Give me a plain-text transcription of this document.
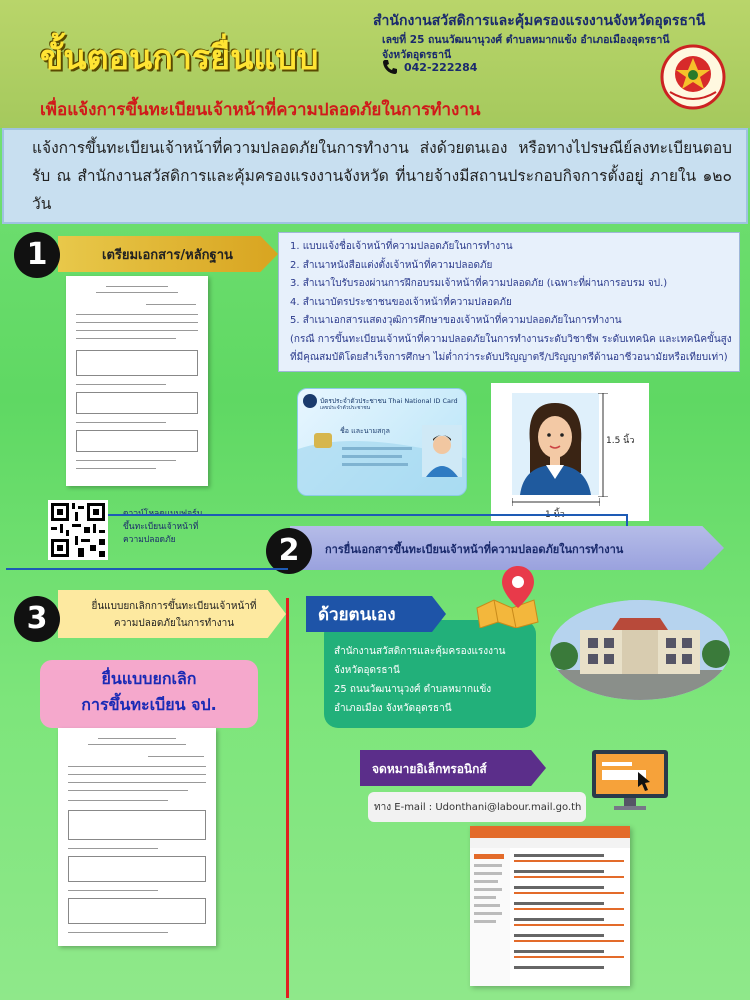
ขั้นตอนการยื่นแบบ
เพื่อแจ้งการขึ้นทะเบียนเจ้าหน้าที่ความปลอดภัยในการทำงาน
สำนักงานสวัสดิการและคุ้มครองแรงงานจังหวัดอุดรธานี
เลขที่ 25 ถนนวัฒนานุวงศ์ ตำบลหมากแข้ง อำเภอเมืองอุดรธานี
จังหวัดอุดรธานี
042-222284
แจ้งการขึ้นทะเบียนเจ้าหน้าที่ความปลอดภัยในการทำงาน ส่งด้วยตนเอง หรือทางไปรษณีย์ลงทะเบียนตอบรับ ณ สำนักงานสวัสดิการและคุ้มครองแรงงานจังหวัด ที่นายจ้างมีสถานประกอบกิจการตั้งอยู่ ภายใน ๑๒๐ วัน
1	เตรียมเอกสาร/หลักฐาน
1. แบบแจ้งชื่อเจ้าหน้าที่ความปลอดภัยในการทำงาน
2. สำเนาหนังสือแต่งตั้งเจ้าหน้าที่ความปลอดภัย
3. สำเนาใบรับรองผ่านการฝึกอบรมเจ้าหน้าที่ความปลอดภัย (เฉพาะที่ผ่านการอบรม จป.)
4. สำเนาบัตรประชาชนของเจ้าหน้าที่ความปลอดภัย
5. สำเนาเอกสารแสดงวุฒิการศึกษาของเจ้าหน้าที่ความปลอดภัยในการทำงาน
(กรณี การขึ้นทะเบียนเจ้าหน้าที่ความปลอดภัยในการทำงานระดับวิชาชีพ ระดับเทคนิค และเทคนิคขั้นสูง
ที่มีคุณสมบัติโดยสำเร็จการศึกษา ไม่ต่ำกว่าระดับปริญญาตรี/ปริญญาตรีด้านอาชีวอนามัยหรือเทียบเท่า)
บัตรประจำตัวประชาชน Thai National ID Card
เลขประจำตัวประชาชน
ชื่อ และนามสกุล
1.5 นิ้ว
ขึ้นทะเบียนเจ้าหน้าที่
ความปลอดภัย	2	การยื่นเอกสารขึ้นทะเบียนเจ้าหน้าที่ความปลอดภัยในการทำงาน
3	ยื่นแบบยกเลิกการขึ้นทะเบียนเจ้าหน้าที่
ความปลอดภัยในการทำงาน
ยื่นแบบยกเลิก
การขึ้นทะเบียน จป.
ด้วยตนเอง
สำนักงานสวัสดิการและคุ้มครองแรงงาน
จังหวัดอุดรธานี
25 ถนนวัฒนานุวงศ์ ตำบลหมากแข้ง
อำเภอเมือง จังหวัดอุดรธานี
จดหมายอิเล็กทรอนิกส์
ทาง E-mail : Udonthani@labour.mail.go.th
